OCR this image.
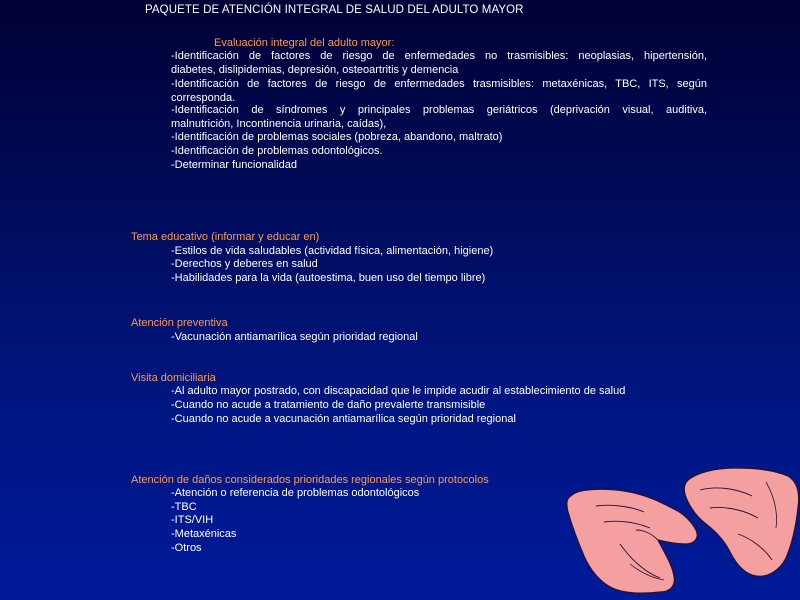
PAQUETE DE ATENCIÓN INTEGRAL DE SALUD DEL ADULTO MAYOR
Evaluación integral del adulto mayor:
-Identificación de factores de riesgo de enfermedades no trasmisibles: neoplasias, hipertensión,
diabetes, dislipidemias, depresión, osteoartritis y demencia
-Identificación de factores de riesgo de enfermedades trasmisibles: metaxénicas, TBC, ITS, según
corresponda.
-Identificación de síndromes y principales problemas geriátricos (deprivación visual, auditiva,
malnutrición, Incontinencia urinaria, caídas),
-Identificación de problemas sociales (pobreza, abandono, maltrato)
-Identificación de problemas odontológicos.
-Determinar funcionalidad
Tema educativo (informar y educar en)
-Estilos de vida saludables (actividad física, alimentación, higiene)
-Derechos y deberes en salud
-Habilidades para la vida (autoestima, buen uso del tiempo libre)
Atención preventiva
-Vacunación antiamarílica según prioridad regional
Visita domiciliaria
-Al adulto mayor postrado, con discapacidad que le impide acudir al establecimiento de salud
-Cuando no acude a tratamiento de daño prevalerte transmisible
-Cuando no acude a vacunación antiamarílica según prioridad regional
Atención de daños considerados prioridades regionales según protocolos
-Atención o referencia de problemas odontológicos
-TBC
-ITS/VIH
-Metaxénicas
-Otros
